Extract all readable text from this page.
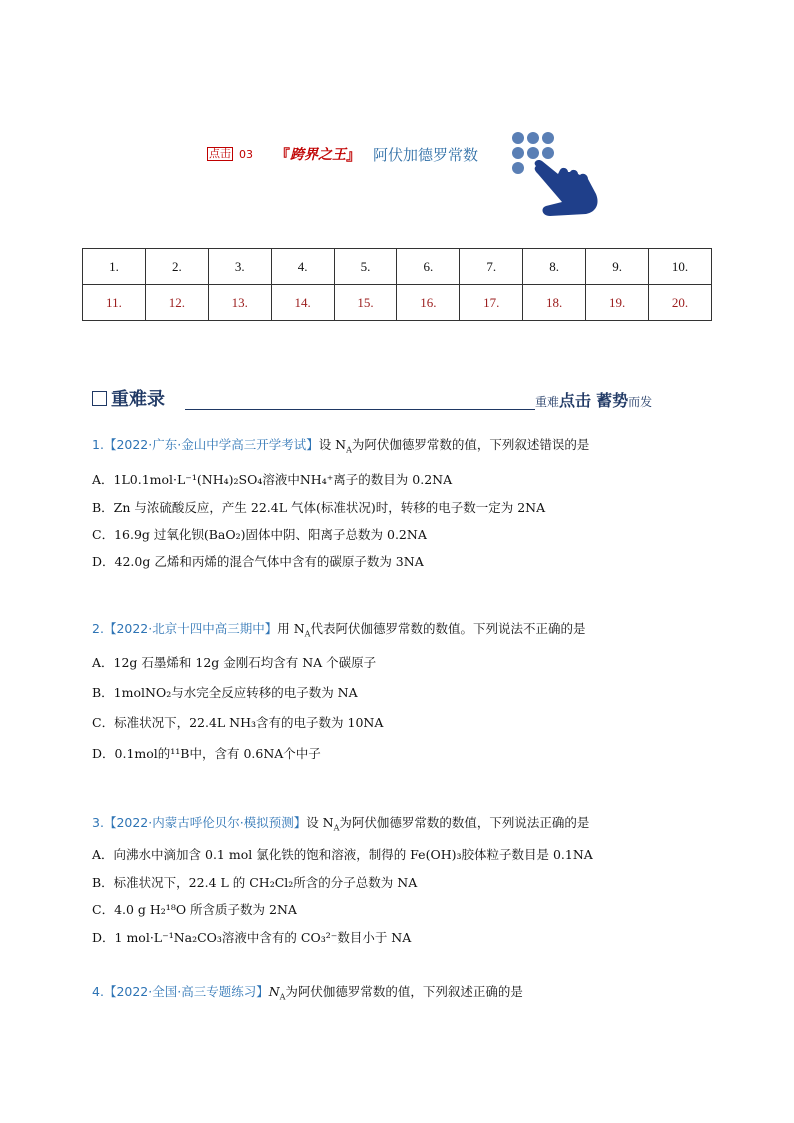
点击 03 『 跨界之王 』 阿伏加德罗常数
1.	2.	3.	4.	5.	6.	7.	8.	9.	10.
11.	12.	13.	14.	15.	16.	17.	18.	19.	20.
重难录	重难点击 蓄势而发
1.【2022·广东·金山中学高三开学考试】设 $N_A$为阿伏伽德罗常数的值，下列叙述错误的是
A．1L0.1mol·L⁻¹(NH₄)₂SO₄溶液中NH₄⁺离子的数目为 0.2NA
B．Zn 与浓硫酸反应，产生 22.4L 气体(标准状况)时，转移的电子数一定为 2NA
C．16.9g 过氧化钡(BaO₂)固体中阴、阳离子总数为 0.2NA
D．42.0g 乙烯和丙烯的混合气体中含有的碳原子数为 3NA
2.【2022·北京十四中高三期中】用 $N_A$代表阿伏伽德罗常数的数值。下列说法不正确的是
A．12g 石墨烯和 12g 金刚石均含有 NA 个碳原子
B．1molNO₂与水完全反应转移的电子数为 NA
C．标准状况下，22.4L NH₃含有的电子数为 10NA
D．0.1mol的¹¹B中，含有 0.6NA个中子
3.【2022·内蒙古呼伦贝尔·模拟预测】设 $N_A$为阿伏伽德罗常数的数值，下列说法正确的是
A．向沸水中滴加含 0.1 mol 氯化铁的饱和溶液，制得的 Fe(OH)₃胶体粒子数目是 0.1NA
B．标准状况下，22.4 L 的 CH₂Cl₂所含的分子总数为 NA
C．4.0 g H₂¹⁸O 所含质子数为 2NA
D．1 mol·L⁻¹Na₂CO₃溶液中含有的 CO₃²⁻数目小于 NA
4.【2022·全国·高三专题练习】$N_A$为阿伏伽德罗常数的值，下列叙述正确的是
